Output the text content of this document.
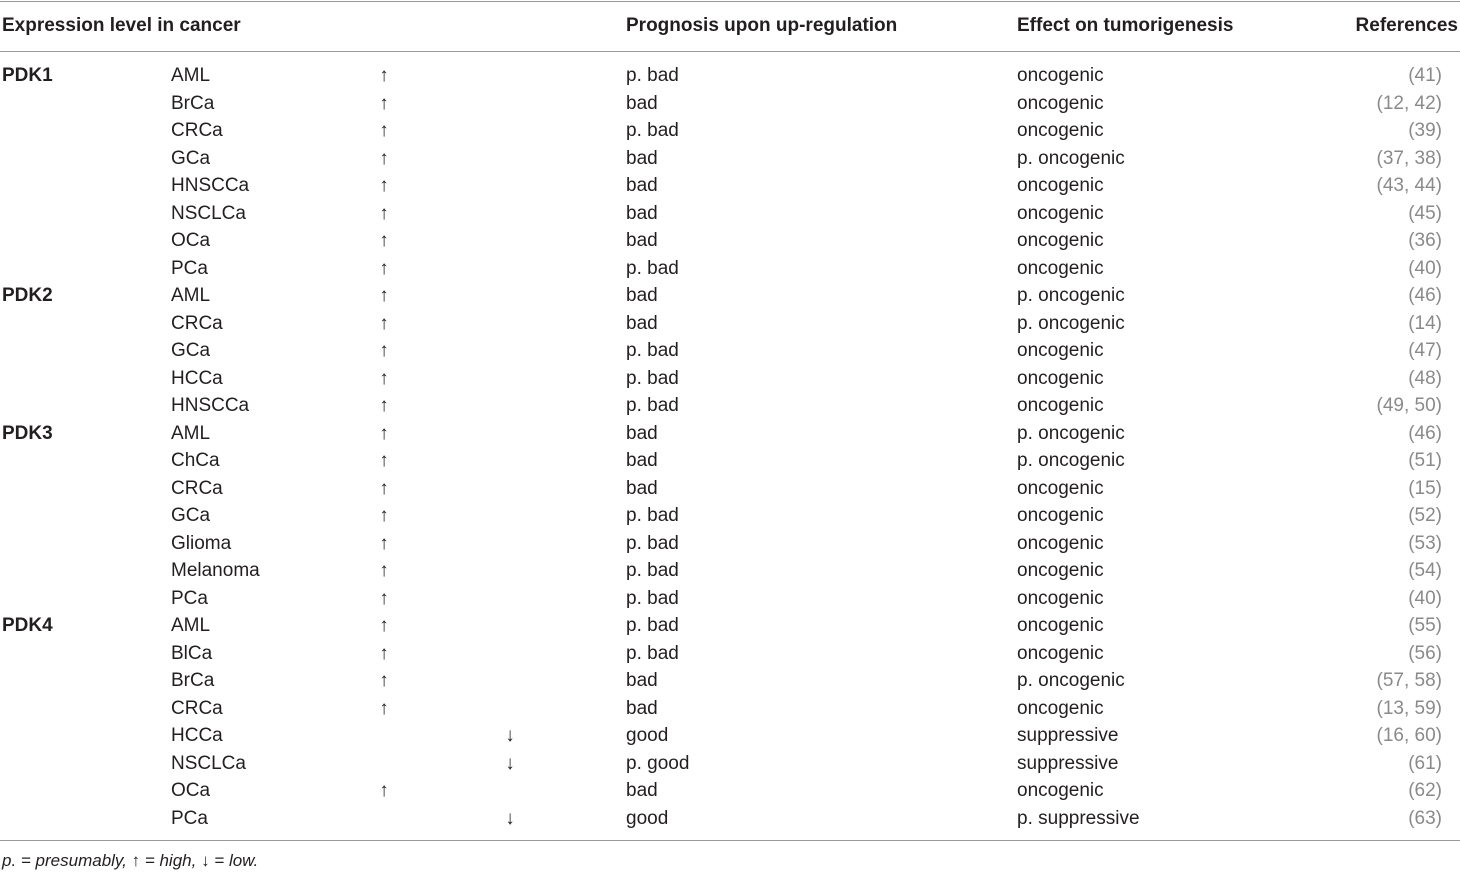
Expression level in cancer	Prognosis upon up-regulation	Effect on tumorigenesis	References
PDK1	AML	↑	p. bad	oncogenic	(41)
BrCa	↑	bad	oncogenic	(12, 42)
CRCa	↑	p. bad	oncogenic	(39)
GCa	↑	bad	p. oncogenic	(37, 38)
HNSCCa	↑	bad	oncogenic	(43, 44)
NSCLCa	↑	bad	oncogenic	(45)
OCa	↑	bad	oncogenic	(36)
PCa	↑	p. bad	oncogenic	(40)
PDK2	AML	↑	bad	p. oncogenic	(46)
CRCa	↑	bad	p. oncogenic	(14)
GCa	↑	p. bad	oncogenic	(47)
HCCa	↑	p. bad	oncogenic	(48)
HNSCCa	↑	p. bad	oncogenic	(49, 50)
PDK3	AML	↑	bad	p. oncogenic	(46)
ChCa	↑	bad	p. oncogenic	(51)
CRCa	↑	bad	oncogenic	(15)
GCa	↑	p. bad	oncogenic	(52)
Glioma	↑	p. bad	oncogenic	(53)
Melanoma	↑	p. bad	oncogenic	(54)
PCa	↑	p. bad	oncogenic	(40)
PDK4	AML	↑	p. bad	oncogenic	(55)
BlCa	↑	p. bad	oncogenic	(56)
BrCa	↑	bad	p. oncogenic	(57, 58)
CRCa	↑	bad	oncogenic	(13, 59)
HCCa	↓	good	suppressive	(16, 60)
NSCLCa	↓	p. good	suppressive	(61)
OCa	↑	bad	oncogenic	(62)
PCa	↓	good	p. suppressive	(63)
p. = presumably, ↑ = high, ↓ = low.
